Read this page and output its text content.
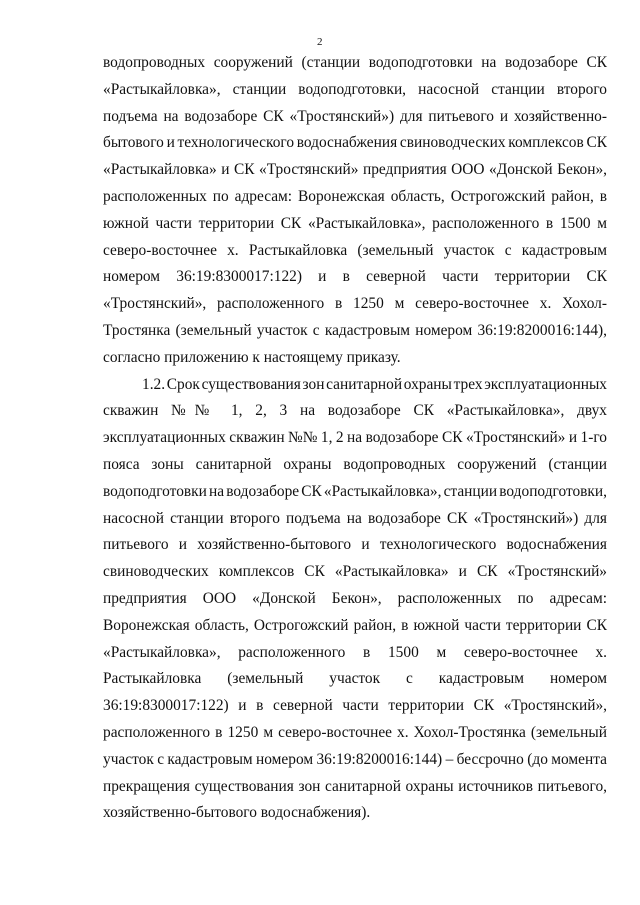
2
водопроводных сооружений (станции водоподготовки на водозаборе СК
«Растыкайловка», станции водоподготовки, насосной станции второго
подъема на водозаборе СК «Тростянский») для питьевого и хозяйственно-
бытового и технологического водоснабжения свиноводческих комплексов СК
«Растыкайловка» и СК «Тростянский» предприятия ООО «Донской Бекон»,
расположенных по адресам: Воронежская область, Острогожский район, в
южной части территории СК «Растыкайловка», расположенного в 1500 м
северо-восточнее х. Растыкайловка (земельный участок с кадастровым
номером 36:19:8300017:122) и в северной части территории СК
«Тростянский», расположенного в 1250 м северо-восточнее х. Хохол-
Тростянка (земельный участок с кадастровым номером 36:19:8200016:144),
согласно приложению к настоящему приказу.
1.2. Срок существования зон санитарной охраны трех эксплуатационных
скважин №№ 1, 2, 3 на водозаборе СК «Растыкайловка», двух
эксплуатационных скважин №№ 1, 2 на водозаборе СК «Тростянский» и 1-го
пояса зоны санитарной охраны водопроводных сооружений (станции
водоподготовки на водозаборе СК «Растыкайловка», станции водоподготовки,
насосной станции второго подъема на водозаборе СК «Тростянский») для
питьевого и хозяйственно-бытового и технологического водоснабжения
свиноводческих комплексов СК «Растыкайловка» и СК «Тростянский»
предприятия ООО «Донской Бекон», расположенных по адресам:
Воронежская область, Острогожский район, в южной части территории СК
«Растыкайловка», расположенного в 1500 м северо-восточнее х.
Растыкайловка (земельный участок с кадастровым номером
36:19:8300017:122) и в северной части территории СК «Тростянский»,
расположенного в 1250 м северо-восточнее х. Хохол-Тростянка (земельный
участок с кадастровым номером 36:19:8200016:144) – бессрочно (до момента
прекращения существования зон санитарной охраны источников питьевого,
хозяйственно-бытового водоснабжения).
